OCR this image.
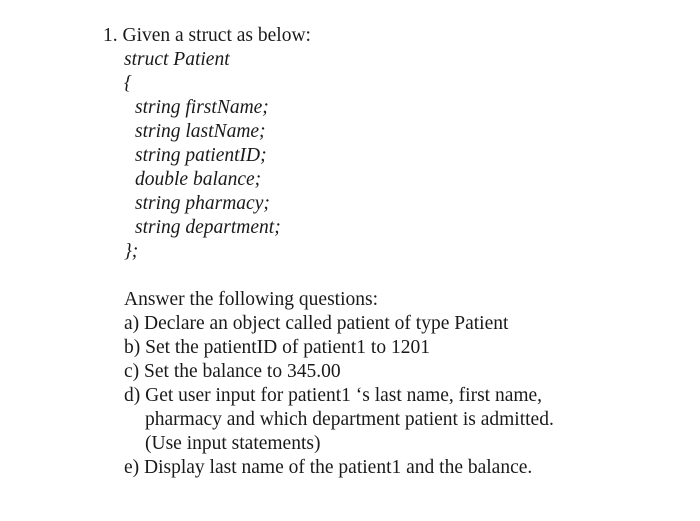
1. Given a struct as below:
struct Patient
{
string firstName;
string lastName;
string patientID;
double balance;
string pharmacy;
string department;
};
Answer the following questions:
a) Declare an object called patient of type Patient
b) Set the patientID of patient1 to 1201
c) Set the balance to 345.00
d) Get user input for patient1 ‘s last name, first name,
pharmacy and which department patient is admitted.
(Use input statements)
e) Display last name of the patient1 and the balance.
